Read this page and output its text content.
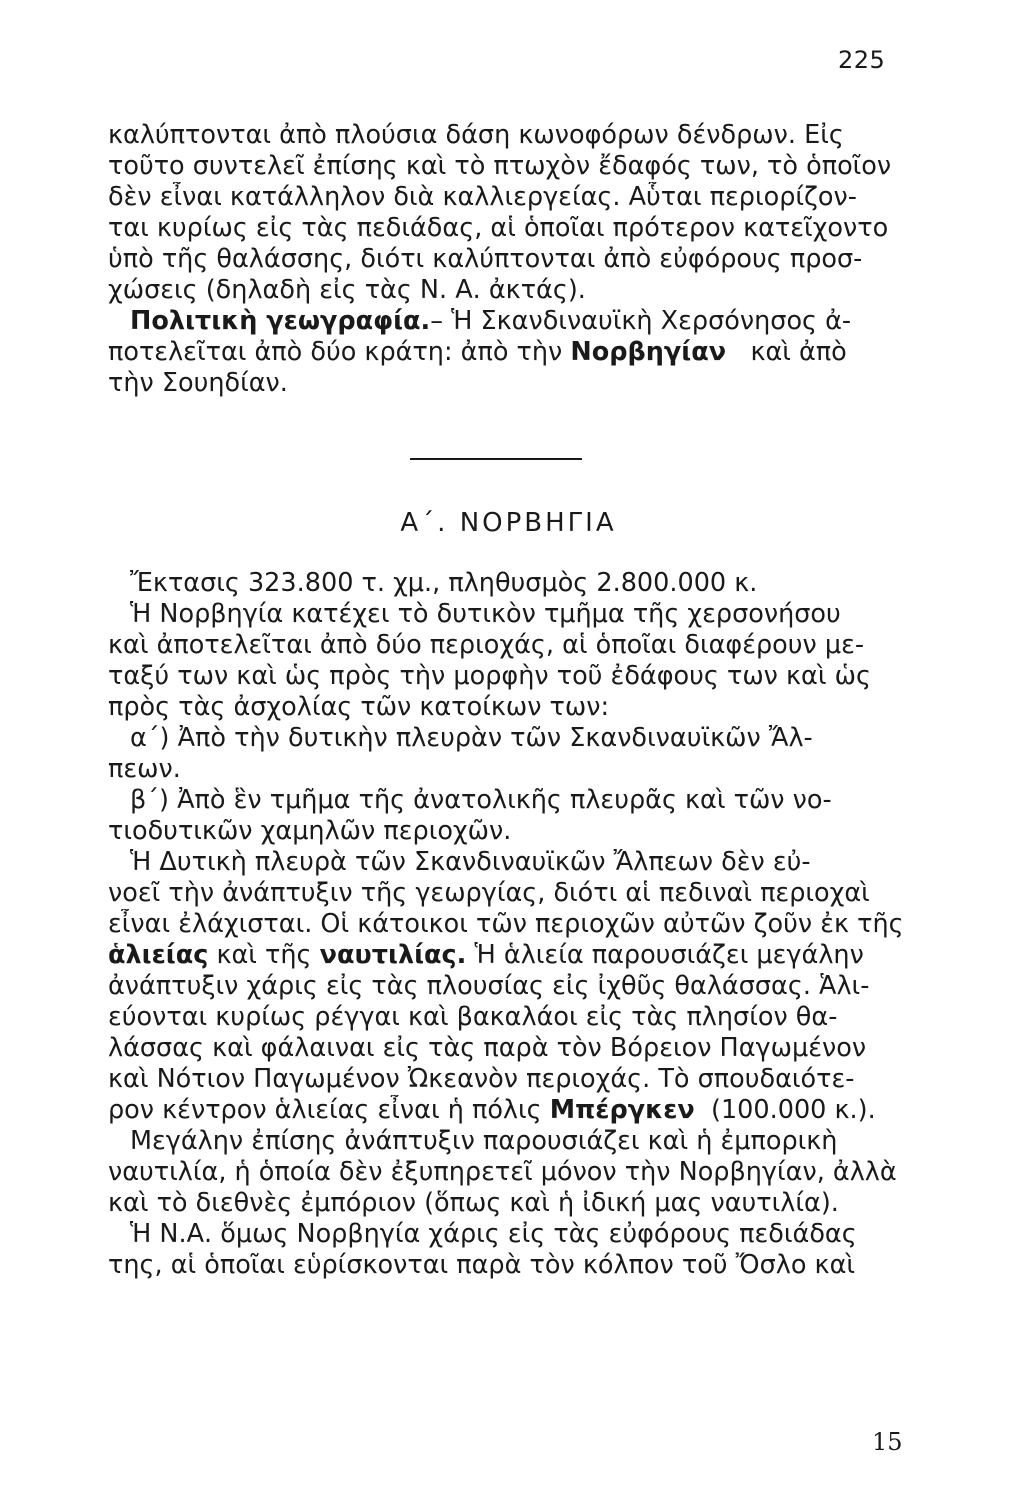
225
καλύπτονται ἀπὸ πλούσια δάση κωνοφόρων δένδρων. Εἰς
τοῦτο συντελεῖ ἐπίσης καὶ τὸ πτωχὸν ἔδαφός των, τὸ ὁποῖον
δὲν εἶναι κατάλληλον διὰ καλλιεργείας. Αὗται περιορίζον-
ται κυρίως εἰς τὰς πεδιάδας, αἱ ὁποῖαι πρότερον κατεῖχοντο
ὑπὸ τῆς θαλάσσης, διότι καλύπτονται ἀπὸ εὐφόρους προσ-
χώσεις (δηλαδὴ εἰς τὰς Ν. Α. ἀκτάς).
Πολιτικὴ γεωγραφία.– Ἡ Σκανδιναυϊκὴ Χερσόνησος ἀ-
ποτελεῖται ἀπὸ δύο κράτη: ἀπὸ τὴν Νορβηγίαν καὶ ἀπὸ
τὴν Σουηδίαν.
Α΄. ΝΟΡΒΗΓΙΑ
Ἔκτασις 323.800 τ. χμ., πληθυσμὸς 2.800.000 κ.
Ἡ Νορβηγία κατέχει τὸ δυτικὸν τμῆμα τῆς χερσονήσου
καὶ ἀποτελεῖται ἀπὸ δύο περιοχάς, αἱ ὁποῖαι διαφέρουν με-
ταξύ των καὶ ὡς πρὸς τὴν μορφὴν τοῦ ἐδάφους των καὶ ὡς
πρὸς τὰς ἀσχολίας τῶν κατοίκων των:
α΄) Ἀπὸ τὴν δυτικὴν πλευρὰν τῶν Σκανδιναυϊκῶν Ἄλ-
πεων.
β΄) Ἀπὸ ἓν τμῆμα τῆς ἀνατολικῆς πλευρᾶς καὶ τῶν νο-
τιοδυτικῶν χαμηλῶν περιοχῶν.
Ἡ Δυτικὴ πλευρὰ τῶν Σκανδιναυϊκῶν Ἄλπεων δὲν εὐ-
νοεῖ τὴν ἀνάπτυξιν τῆς γεωργίας, διότι αἱ πεδιναὶ περιοχαὶ
εἶναι ἐλάχισται. Οἱ κάτοικοι τῶν περιοχῶν αὐτῶν ζοῦν ἐκ τῆς
ἁλιείας καὶ τῆς ναυτιλίας. Ἡ ἁλιεία παρουσιάζει μεγάλην
ἀνάπτυξιν χάρις εἰς τὰς πλουσίας εἰς ἰχθῦς θαλάσσας. Ἁλι-
εύονται κυρίως ρέγγαι καὶ βακαλάοι εἰς τὰς πλησίον θα-
λάσσας καὶ φάλαιναι εἰς τὰς παρὰ τὸν Βόρειον Παγωμένον
καὶ Νότιον Παγωμένον Ὠκεανὸν περιοχάς. Τὸ σπουδαιότε-
ρον κέντρον ἁλιείας εἶναι ἡ πόλις Μπέργκεν (100.000 κ.).
Μεγάλην ἐπίσης ἀνάπτυξιν παρουσιάζει καὶ ἡ ἐμπορικὴ
ναυτιλία, ἡ ὁποία δὲν ἐξυπηρετεῖ μόνον τὴν Νορβηγίαν, ἀλλὰ
καὶ τὸ διεθνὲς ἐμπόριον (ὅπως καὶ ἡ ἰδική μας ναυτιλία).
Ἡ Ν.Α. ὅμως Νορβηγία χάρις εἰς τὰς εὐφόρους πεδιάδας
της, αἱ ὁποῖαι εὑρίσκονται παρὰ τὸν κόλπον τοῦ Ὄσλο καὶ
15
